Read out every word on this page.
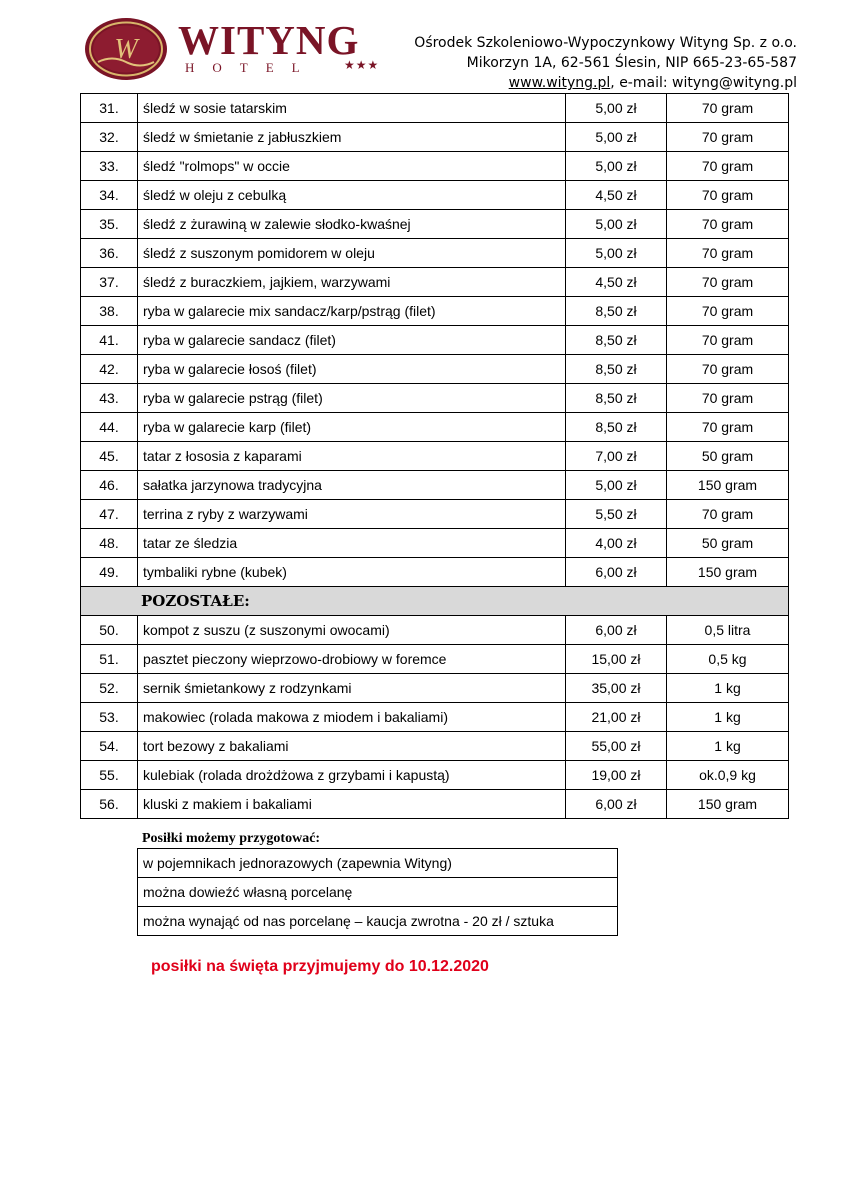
W WITYNG
HOTEL ★★★
Ośrodek Szkoleniowo-Wypoczynkowy Wityng Sp. z o.o.
Mikorzyn 1A, 62-561 Ślesin, NIP 665-23-65-587
www.wityng.pl, e-mail: wityng@wityng.pl
31.	śledź w sosie tatarskim	5,00 zł	70 gram
32.	śledź w śmietanie z jabłuszkiem	5,00 zł	70 gram
33.	śledź "rolmops" w occie	5,00 zł	70 gram
34.	śledź w oleju z cebulką	4,50 zł	70 gram
35.	śledź z żurawiną w zalewie słodko-kwaśnej	5,00 zł	70 gram
36.	śledź z suszonym pomidorem w oleju	5,00 zł	70 gram
37.	śledź z buraczkiem, jajkiem, warzywami	4,50 zł	70 gram
38.	ryba w galarecie mix sandacz/karp/pstrąg (filet)	8,50 zł	70 gram
41.	ryba w galarecie sandacz (filet)	8,50 zł	70 gram
42.	ryba w galarecie łosoś (filet)	8,50 zł	70 gram
43.	ryba w galarecie pstrąg (filet)	8,50 zł	70 gram
44.	ryba w galarecie karp (filet)	8,50 zł	70 gram
45.	tatar z łososia z kaparami	7,00 zł	50 gram
46.	sałatka jarzynowa tradycyjna	5,00 zł	150 gram
47.	terrina z ryby z warzywami	5,50 zł	70 gram
48.	tatar ze śledzia	4,00 zł	50 gram
49.	tymbaliki rybne (kubek)	6,00 zł	150 gram
POZOSTAŁE:			
50.	kompot z suszu (z suszonymi owocami)	6,00 zł	0,5 litra
51.	pasztet pieczony wieprzowo-drobiowy w foremce	15,00 zł	0,5 kg
52.	sernik śmietankowy z rodzynkami	35,00 zł	1 kg
53.	makowiec (rolada makowa z miodem i bakaliami)	21,00 zł	1 kg
54.	tort bezowy z bakaliami	55,00 zł	1 kg
55.	kulebiak (rolada drożdżowa z grzybami i kapustą)	19,00 zł	ok.0,9 kg
56.	kluski z makiem i bakaliami	6,00 zł	150 gram
Posiłki możemy przygotować:
w pojemnikach jednorazowych (zapewnia Wityng)
można dowieźć własną porcelanę
można wynająć od nas porcelanę – kaucja zwrotna - 20 zł / sztuka
posiłki na święta przyjmujemy do 10.12.2020
